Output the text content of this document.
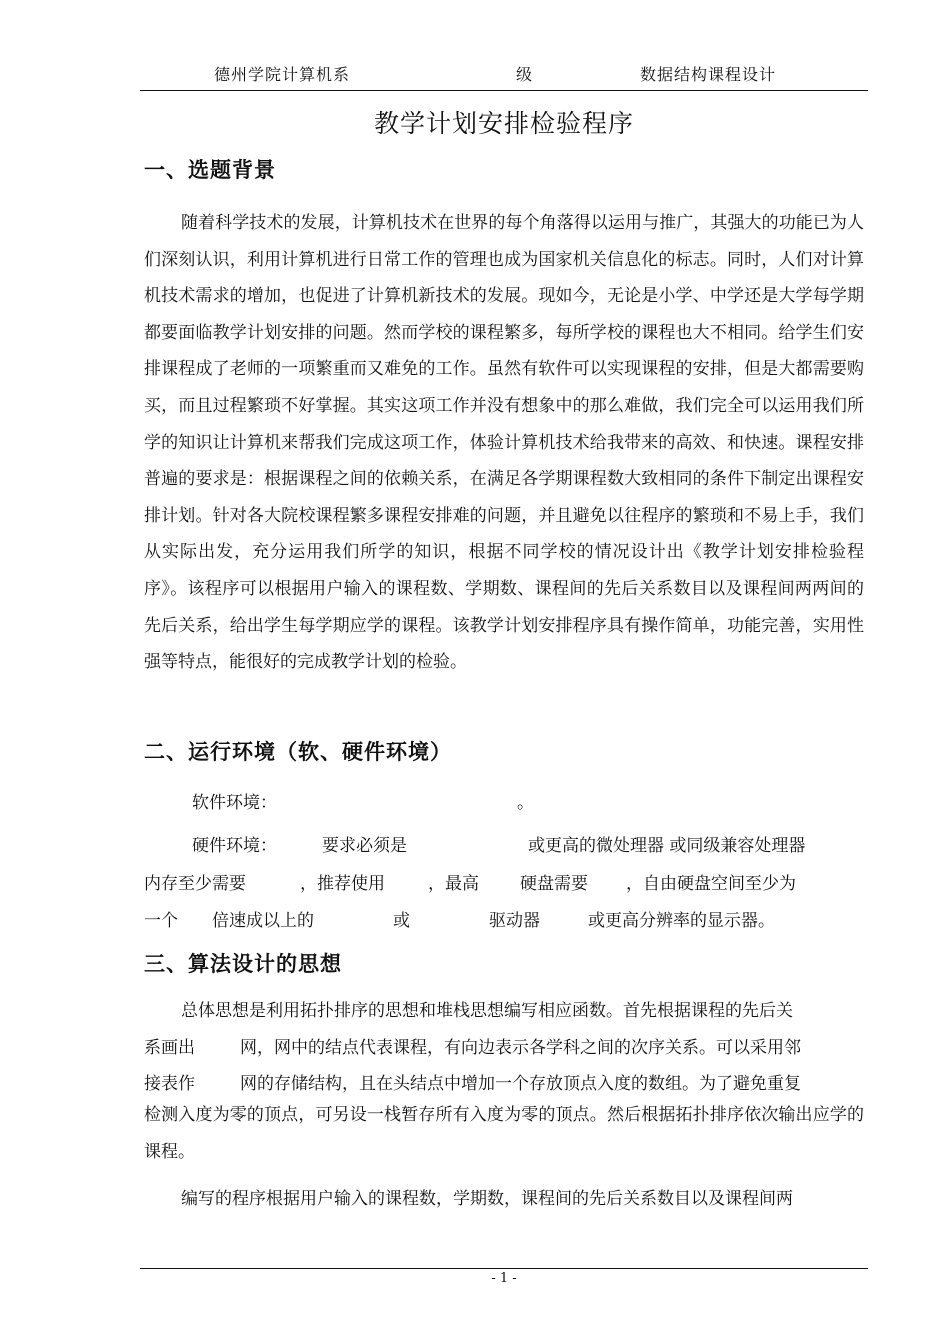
德州学院计算机系	级	数据结构课程设计
教学计划安排检验程序
一、选题背景
随着科学技术的发展，计算机技术在世界的每个角落得以运用与推广，其强大的功能已为人们深刻认识，利用计算机进行日常工作的管理也成为国家机关信息化的标志。同时，人们对计算机技术需求的增加，也促进了计算机新技术的发展。现如今，无论是小学、中学还是大学每学期都要面临教学计划安排的问题。然而学校的课程繁多，每所学校的课程也大不相同。给学生们安排课程成了老师的一项繁重而又难免的工作。虽然有软件可以实现课程的安排，但是大都需要购买，而且过程繁琐不好掌握。其实这项工作并没有想象中的那么难做，我们完全可以运用我们所学的知识让计算机来帮我们完成这项工作，体验计算机技术给我带来的高效、和快速。课程安排普遍的要求是：根据课程之间的依赖关系，在满足各学期课程数大致相同的条件下制定出课程安排计划。针对各大院校课程繁多课程安排难的问题，并且避免以往程序的繁琐和不易上手，我们从实际出发，充分运用我们所学的知识，根据不同学校的情况设计出《教学计划安排检验程序》。该程序可以根据用户输入的课程数、学期数、课程间的先后关系数目以及课程间两两间的先后关系，给出学生每学期应学的课程。该教学计划安排程序具有操作简单，功能完善，实用性强等特点，能很好的完成教学计划的检验。
二、运行环境（软、硬件环境）
软件环境：	。
硬件环境：	要求必须是	或更高的微处理器 或同级兼容处理器
内存至少需要	，推荐使用	，最高 硬盘需要 ，自由硬盘空间至少为
一个 倍速成以上的	或	驱动器	或更高分辨率的显示器。
三、算法设计的思想
总体思想是利用拓扑排序的思想和堆栈思想编写相应函数。首先根据课程的先后关
系画出	网，网中的结点代表课程，有向边表示各学科之间的次序关系。可以采用邻
接表作	网的存储结构，且在头结点中增加一个存放顶点入度的数组。为了避免重复
检测入度为零的顶点，可另设一栈暂存所有入度为零的顶点。然后根据拓扑排序依次输出应学的课程。
编写的程序根据用户输入的课程数，学期数，课程间的先后关系数目以及课程间两
- 1 -
